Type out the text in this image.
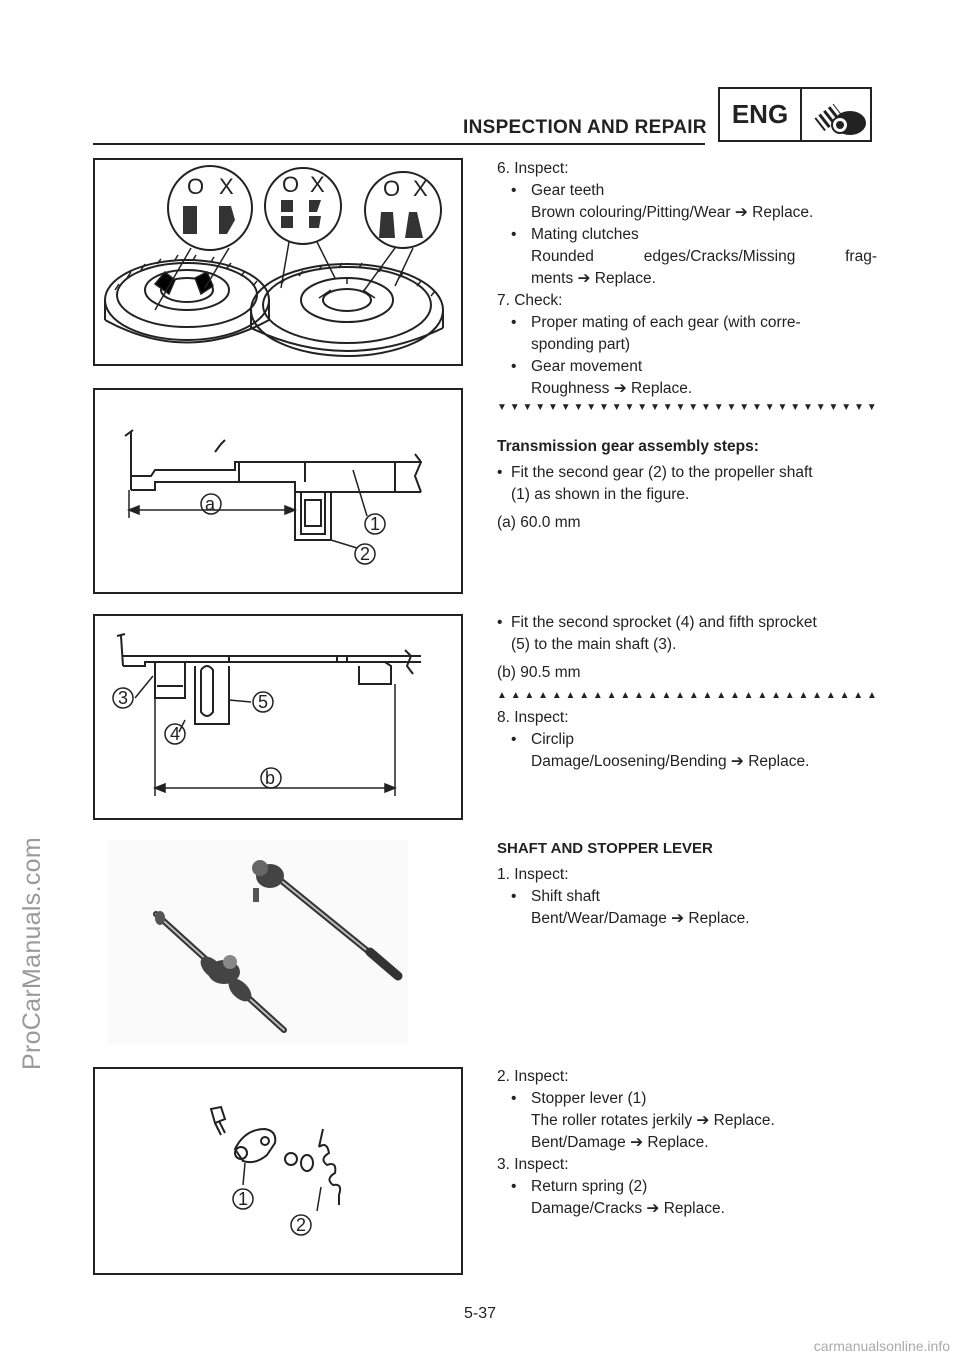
ProCarManuals.com
carmanualsonline.info
INSPECTION AND REPAIR ENG
O X O X	O X
a
1
2
3
4
5
b
1
2
6. Inspect:
• Gear teeth
Brown colouring/Pitting/Wear ➔ Replace.
• Mating clutches
Rounded edges/Cracks/Missing frag-
ments ➔ Replace.
7. Check:
• Proper mating of each gear (with corre-
sponding part)
• Gear movement
Roughness ➔ Replace.
▼ ▼ ▼ ▼ ▼ ▼ ▼ ▼ ▼ ▼ ▼ ▼ ▼ ▼ ▼ ▼ ▼ ▼ ▼ ▼ ▼ ▼ ▼ ▼ ▼ ▼ ▼ ▼ ▼ ▼
Transmission gear assembly steps:
• Fit the second gear (2) to the propeller shaft
(1) as shown in the figure.
(a) 60.0 mm
• Fit the second sprocket (4) and fifth sprocket
(5) to the main shaft (3).
(b) 90.5 mm
▲ ▲ ▲ ▲ ▲ ▲ ▲ ▲ ▲ ▲ ▲ ▲ ▲ ▲ ▲ ▲ ▲ ▲ ▲ ▲ ▲ ▲ ▲ ▲ ▲ ▲ ▲ ▲
8. Inspect:
• Circlip
Damage/Loosening/Bending ➔ Replace.
SHAFT AND STOPPER LEVER
1. Inspect:
• Shift shaft
Bent/Wear/Damage ➔ Replace.
2. Inspect:
• Stopper lever (1)
The roller rotates jerkily ➔ Replace.
Bent/Damage ➔ Replace.
3. Inspect:
• Return spring (2)
Damage/Cracks ➔ Replace.
5-37
